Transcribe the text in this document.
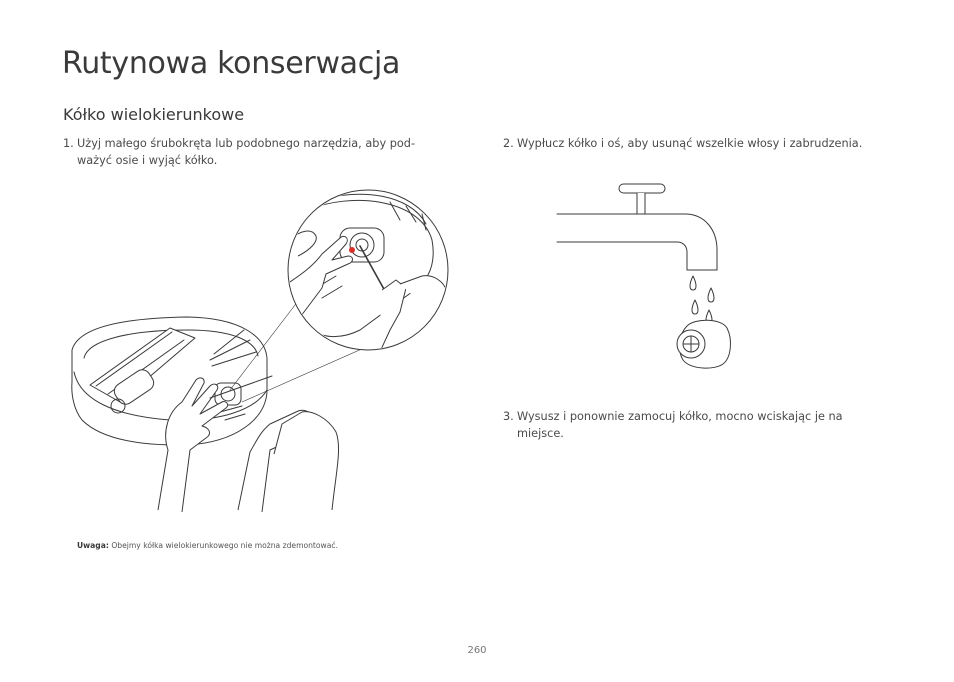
Rutynowa konserwacja
Kółko wielokierunkowe

1. Użyj małego śrubokręta lub podobnego narzędzia, aby pod-ważyć osie i wyjąć kółko.

2. Wypłucz kółko i oś, aby usunąć wszelkie włosy i zabrudzenia.

3. Wysusz i ponownie zamocuj kółko, mocno wciskając je na miejsce.

Uwaga: Obejmy kółka wielokierunkowego nie można zdemontować.

260
